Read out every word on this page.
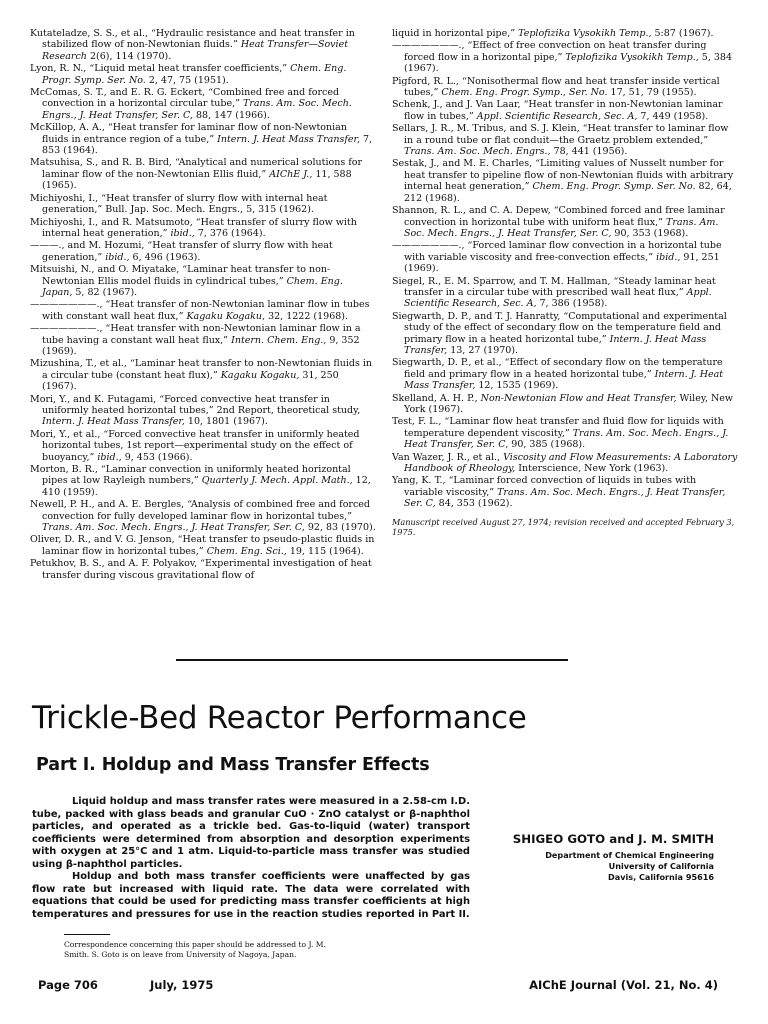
Kutateladze, S. S., et al., “Hydraulic resistance and heat transfer in stabilized flow of non-Newtonian fluids.” Heat Transfer—Soviet Research 2(6), 114 (1970).
Lyon, R. N., “Liquid metal heat transfer coefficients,” Chem. Eng. Progr. Symp. Ser. No. 2, 47, 75 (1951).
McComas, S. T., and E. R. G. Eckert, “Combined free and forced convection in a horizontal circular tube,” Trans. Am. Soc. Mech. Engrs., J. Heat Transfer, Ser. C, 88, 147 (1966).
McKillop, A. A., “Heat transfer for laminar flow of non-Newtonian fluids in entrance region of a tube,” Intern. J. Heat Mass Transfer, 7, 853 (1964).
Matsuhisa, S., and R. B. Bird, “Analytical and numerical solutions for laminar flow of the non-Newtonian Ellis fluid,” AIChE J., 11, 588 (1965).
Michiyoshi, I., “Heat transfer of slurry flow with internal heat generation,” Bull. Jap. Soc. Mech. Engrs., 5, 315 (1962).
Michiyoshi, I., and R. Matsumoto, “Heat transfer of slurry flow with internal heat generation,” ibid., 7, 376 (1964).
———., and M. Hozumi, “Heat transfer of slurry flow with heat generation,” ibid., 6, 496 (1963).
Mitsuishi, N., and O. Miyatake, “Laminar heat transfer to non-Newtonian Ellis model fluids in cylindrical tubes,” Chem. Eng. Japan, 5, 82 (1967).
———————., “Heat transfer of non-Newtonian laminar flow in tubes with constant wall heat flux,” Kagaku Kogaku, 32, 1222 (1968).
———————., “Heat transfer with non-Newtonian laminar flow in a tube having a constant wall heat flux,” Intern. Chem. Eng., 9, 352 (1969).
Mizushina, T., et al., “Laminar heat transfer to non-Newtonian fluids in a circular tube (constant heat flux),” Kagaku Kogaku, 31, 250 (1967).
Mori, Y., and K. Futagami, “Forced convective heat transfer in uniformly heated horizontal tubes,” 2nd Report, theoretical study, Intern. J. Heat Mass Transfer, 10, 1801 (1967).
Mori, Y., et al., “Forced convective heat transfer in uniformly heated horizontal tubes, 1st report—experimental study on the effect of buoyancy,” ibid., 9, 453 (1966).
Morton, B. R., “Laminar convection in uniformly heated horizontal pipes at low Rayleigh numbers,” Quarterly J. Mech. Appl. Math., 12, 410 (1959).
Newell, P. H., and A. E. Bergles, “Analysis of combined free and forced convection for fully developed laminar flow in horizontal tubes,” Trans. Am. Soc. Mech. Engrs., J. Heat Transfer, Ser. C, 92, 83 (1970).
Oliver, D. R., and V. G. Jenson, “Heat transfer to pseudo-plastic fluids in laminar flow in horizontal tubes,” Chem. Eng. Sci., 19, 115 (1964).
Petukhov, B. S., and A. F. Polyakov, “Experimental investigation of heat transfer during viscous gravitational flow of
liquid in horizontal pipe,” Teplofizika Vysokikh Temp., 5:87 (1967).
———————., “Effect of free convection on heat transfer during forced flow in a horizontal pipe,” Teplofizika Vysokikh Temp., 5, 384 (1967).
Pigford, R. L., “Nonisothermal flow and heat transfer inside vertical tubes,” Chem. Eng. Progr. Symp., Ser. No. 17, 51, 79 (1955).
Schenk, J., and J. Van Laar, “Heat transfer in non-Newtonian laminar flow in tubes,” Appl. Scientific Research, Sec. A, 7, 449 (1958).
Sellars, J. R., M. Tribus, and S. J. Klein, “Heat transfer to laminar flow in a round tube or flat conduit—the Graetz problem extended,” Trans. Am. Soc. Mech. Engrs., 78, 441 (1956).
Sestak, J., and M. E. Charles, “Limiting values of Nusselt number for heat transfer to pipeline flow of non-Newtonian fluids with arbitrary internal heat generation,” Chem. Eng. Progr. Symp. Ser. No. 82, 64, 212 (1968).
Shannon, R. L., and C. A. Depew, “Combined forced and free laminar convection in horizontal tube with uniform heat flux,” Trans. Am. Soc. Mech. Engrs., J. Heat Transfer, Ser. C, 90, 353 (1968).
———————., “Forced laminar flow convection in a horizontal tube with variable viscosity and free-convection effects,” ibid., 91, 251 (1969).
Siegel, R., E. M. Sparrow, and T. M. Hallman, “Steady laminar heat transfer in a circular tube with prescribed wall heat flux,” Appl. Scientific Research, Sec. A, 7, 386 (1958).
Siegwarth, D. P., and T. J. Hanratty, “Computational and experimental study of the effect of secondary flow on the temperature field and primary flow in a heated horizontal tube,” Intern. J. Heat Mass Transfer, 13, 27 (1970).
Siegwarth, D. P., et al., “Effect of secondary flow on the temperature field and primary flow in a heated horizontal tube,” Intern. J. Heat Mass Transfer, 12, 1535 (1969).
Skelland, A. H. P., Non-Newtonian Flow and Heat Transfer, Wiley, New York (1967).
Test, F. L., “Laminar flow heat transfer and fluid flow for liquids with temperature dependent viscosity,” Trans. Am. Soc. Mech. Engrs., J. Heat Transfer, Ser. C, 90, 385 (1968).
Van Wazer, J. R., et al., Viscosity and Flow Measurements: A Laboratory Handbook of Rheology, Interscience, New York (1963).
Yang, K. T., “Laminar forced convection of liquids in tubes with variable viscosity,” Trans. Am. Soc. Mech. Engrs., J. Heat Transfer, Ser. C, 84, 353 (1962).
Manuscript received August 27, 1974; revision received and accepted February 3, 1975.
Trickle-Bed Reactor Performance
Part I. Holdup and Mass Transfer Effects

Liquid holdup and mass transfer rates were measured in a 2.58-cm I.D. tube, packed with glass beads and granular CuO · ZnO catalyst or β-naphthol particles, and operated as a trickle bed. Gas-to-liquid (water) transport coefficients were determined from absorption and desorption experiments with oxygen at 25°C and 1 atm. Liquid-to-particle mass transfer was studied using β-naphthol particles.

Holdup and both mass transfer coefficients were unaffected by gas flow rate but increased with liquid rate. The data were correlated with equations that could be used for predicting mass transfer coefficients at high temperatures and pressures for use in the reaction studies reported in Part II.

SHIGEO GOTO and J. M. SMITH
Department of Chemical Engineering
University of California
Davis, California 95616
Correspondence concerning this paper should be addressed to J. M.
Smith. S. Goto is on leave from University of Nagoya, Japan.
Page 706	July, 1975	AIChE Journal (Vol. 21, No. 4)
